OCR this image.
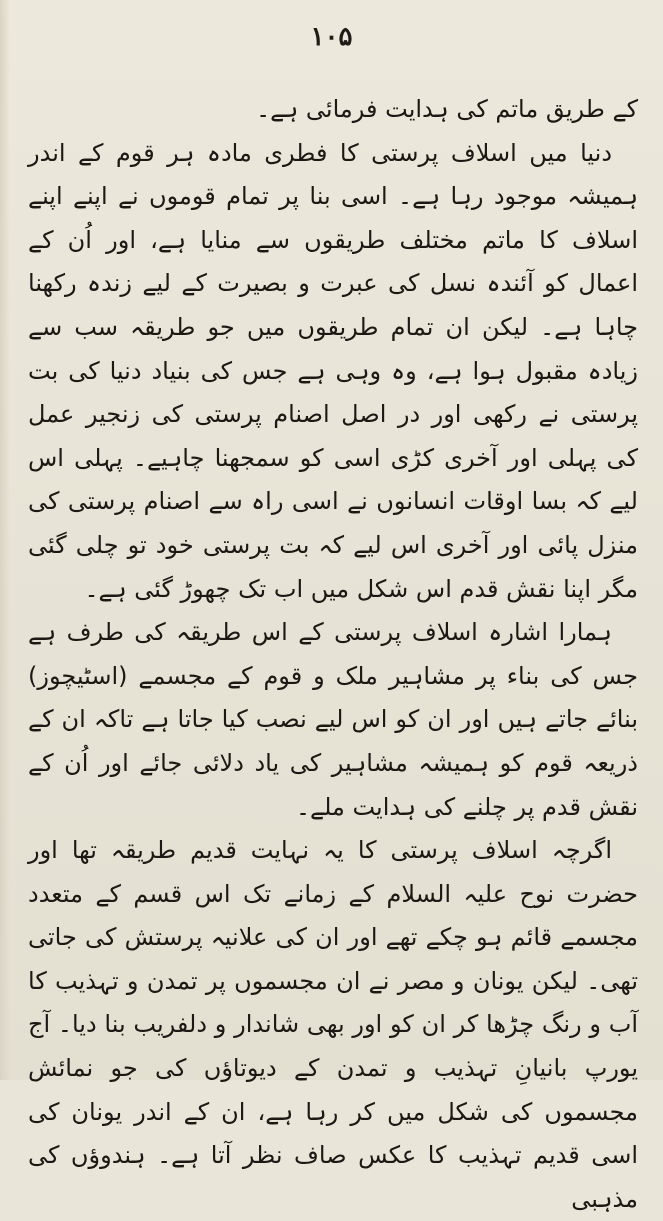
۱۰۵

کے طریق ماتم کی ہدایت فرمائی ہے۔

دنیا میں اسلاف پرستی کا فطری مادہ ہر قوم کے اندر ہمیشہ موجود رہا ہے۔ اسی بنا پر تمام قوموں نے اپنے اپنے اسلاف کا ماتم مختلف طریقوں سے منایا ہے، اور اُن کے اعمال کو آئندہ نسل کی عبرت و بصیرت کے لیے زندہ رکھنا چاہا ہے۔ لیکن ان تمام طریقوں میں جو طریقہ سب سے زیادہ مقبول ہوا ہے، وہ وہی ہے جس کی بنیاد دنیا کی بت پرستی نے رکھی اور در اصل اصنام پرستی کی زنجیر عمل کی پہلی اور آخری کڑی اسی کو سمجھنا چاہیے۔ پہلی اس لیے کہ بسا اوقات انسانوں نے اسی راہ سے اصنام پرستی کی منزل پائی اور آخری اس لیے کہ بت پرستی خود تو چلی گئی مگر اپنا نقش قدم اس شکل میں اب تک چھوڑ گئی ہے۔

ہمارا اشارہ اسلاف پرستی کے اس طریقہ کی طرف ہے جس کی بناء پر مشاہیر ملک و قوم کے مجسمے (اسٹیچوز) بنائے جاتے ہیں اور ان کو اس لیے نصب کیا جاتا ہے تاکہ ان کے ذریعہ قوم کو ہمیشہ مشاہیر کی یاد دلائی جائے اور اُن کے نقش قدم پر چلنے کی ہدایت ملے۔

اگرچہ اسلاف پرستی کا یہ نہایت قدیم طریقہ تھا اور حضرت نوح علیہ السلام کے زمانے تک اس قسم کے متعدد مجسمے قائم ہو چکے تھے اور ان کی علانیہ پرستش کی جاتی تھی۔ لیکن یونان و مصر نے ان مجسموں پر تمدن و تہذیب کا آب و رنگ چڑھا کر ان کو اور بھی شاندار و دلفریب بنا دیا۔ آج یورپ بانیانِ تہذیب و تمدن کے دیوتاؤں کی جو نمائش مجسموں کی شکل میں کر رہا ہے، ان کے اندر یونان کی اسی قدیم تہذیب کا عکس صاف نظر آتا ہے۔ ہندوؤں کی مذہبی
